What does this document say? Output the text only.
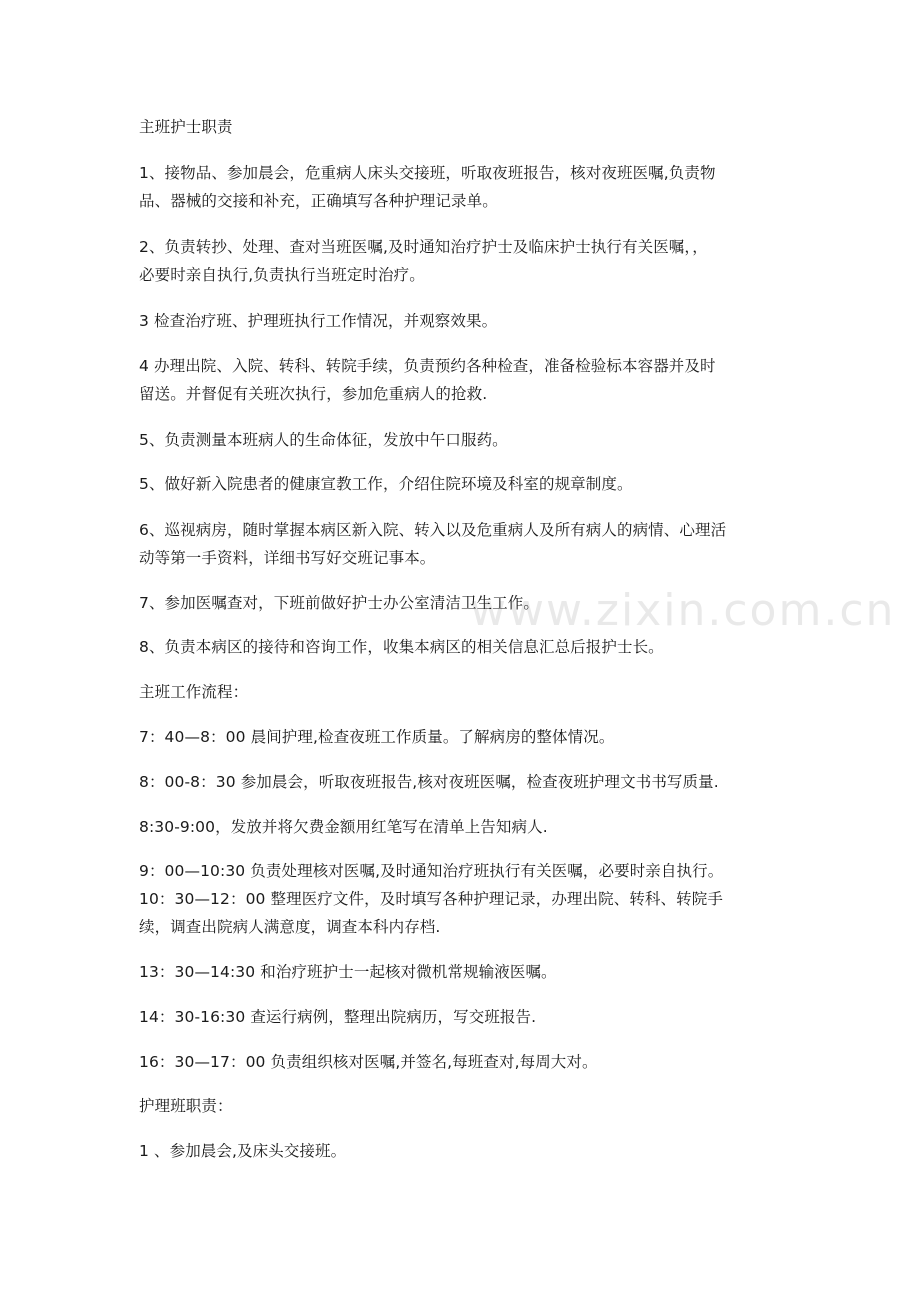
www.zixin.com.cn
主班护士职责
1、接物品、参加晨会，危重病人床头交接班，听取夜班报告，核对夜班医嘱,负责物
品、器械的交接和补充，正确填写各种护理记录单。
2、负责转抄、处理、查对当班医嘱,及时通知治疗护士及临床护士执行有关医嘱，，
必要时亲自执行,负责执行当班定时治疗。
3 检查治疗班、护理班执行工作情况，并观察效果。
4 办理出院、入院、转科、转院手续，负责预约各种检查，准备检验标本容器并及时
留送。并督促有关班次执行，参加危重病人的抢救.
5、负责测量本班病人的生命体征，发放中午口服药。
5、做好新入院患者的健康宣教工作，介绍住院环境及科室的规章制度。
6、巡视病房，随时掌握本病区新入院、转入以及危重病人及所有病人的病情、心理活
动等第一手资料，详细书写好交班记事本。
7、参加医嘱查对，下班前做好护士办公室清洁卫生工作。
8、负责本病区的接待和咨询工作，收集本病区的相关信息汇总后报护士长。
主班工作流程：
7：40—8：00 晨间护理,检查夜班工作质量。了解病房的整体情况。
8：00-8：30 参加晨会，听取夜班报告,核对夜班医嘱，检查夜班护理文书书写质量.
8:30-9:00，发放并将欠费金额用红笔写在清单上告知病人.
9：00—10:30 负责处理核对医嘱,及时通知治疗班执行有关医嘱，必要时亲自执行。
10：30—12：00 整理医疗文件，及时填写各种护理记录，办理出院、转科、转院手
续，调查出院病人满意度，调查本科内存档.
13：30—14:30 和治疗班护士一起核对微机常规输液医嘱。
14：30-16:30 查运行病例，整理出院病历，写交班报告.
16：30—17：00 负责组织核对医嘱,并签名,每班查对,每周大对。
护理班职责：
1 、参加晨会,及床头交接班。
